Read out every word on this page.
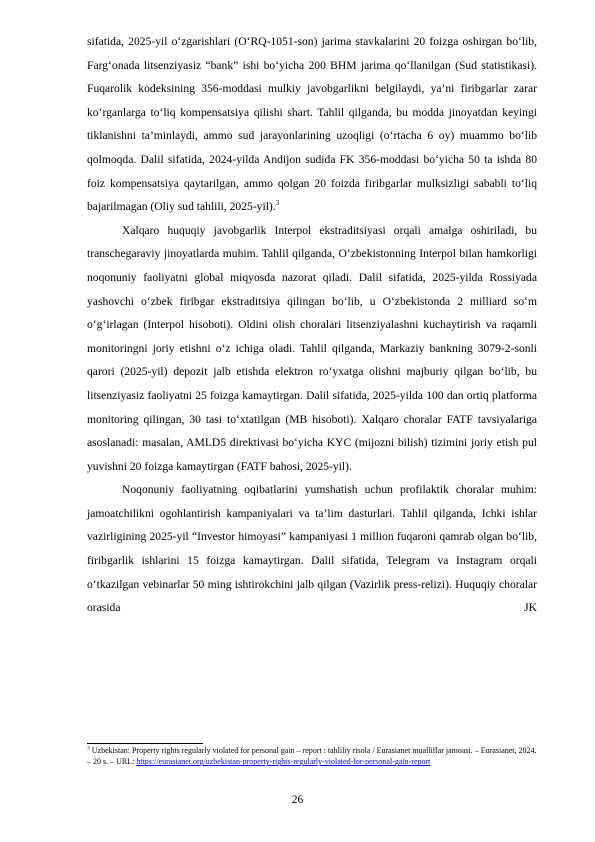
sifatida, 2025-yil o‘zgarishlari (O‘RQ-1051-son) jarima stavkalarini 20 foizga oshirgan bo‘lib, Farg‘onada litsenziyasiz “bank” ishi bo‘yicha 200 BHM jarima qo‘llanilgan (Sud statistikasi). Fuqarolik kodeksining 356-moddasi mulkiy javobgarlikni belgilaydi, ya’ni firibgarlar zarar ko‘rganlarga to‘liq kompensatsiya qilishi shart. Tahlil qilganda, bu modda jinoyatdan keyingi tiklanishni ta’minlaydi, ammo sud jarayonlarining uzoqligi (o‘rtacha 6 oy) muammo bo‘lib qolmoqda. Dalil sifatida, 2024-yilda Andijon sudida FK 356-moddasi bo‘yicha 50 ta ishda 80 foiz kompensatsiya qaytarilgan, ammo qolgan 20 foizda firibgarlar mulksizligi sababli to‘liq bajarilmagan (Oliy sud tahlili, 2025-yil).$^3$

Xalqaro huquqiy javobgarlik Interpol ekstraditsiyasi orqali amalga oshiriladi, bu transchegaraviy jinoyatlarda muhim. Tahlil qilganda, O‘zbekistonning Interpol bilan hamkorligi noqonuniy faoliyatni global miqyosda nazorat qiladi. Dalil sifatida, 2025-yilda Rossiyada yashovchi o‘zbek firibgar ekstraditsiya qilingan bo‘lib, u O‘zbekistonda 2 milliard so‘m o‘g‘irlagan (Interpol hisoboti). Oldini olish choralari litsenziyalashni kuchaytirish va raqamli monitoringni joriy etishni o‘z ichiga oladi. Tahlil qilganda, Markaziy bankning 3079-2-sonli qarori (2025-yil) depozit jalb etishda elektron ro‘yxatga olishni majburiy qilgan bo‘lib, bu litsenziyasiz faoliyatni 25 foizga kamaytirgan. Dalil sifatida, 2025-yilda 100 dan ortiq platforma monitoring qilingan, 30 tasi to‘xtatilgan (MB hisoboti). Xalqaro choralar FATF tavsiyalariga asoslanadi: masalan, AMLD5 direktivasi bo‘yicha KYC (mijozni bilish) tizimini joriy etish pul yuvishni 20 foizga kamaytirgan (FATF bahosi, 2025-yil).

Noqonuniy faoliyatning oqibatlarini yumshatish uchun profilaktik choralar muhim: jamoatchilikni ogohlantirish kampaniyalari va ta’lim dasturlari. Tahlil qilganda, Ichki ishlar vazirligining 2025-yil “Investor himoyasi” kampaniyasi 1 million fuqaroni qamrab olgan bo‘lib, firibgarlik ishlarini 15 foizga kamaytirgan. Dalil sifatida, Telegram va Instagram orqali o‘tkazilgan vebinarlar 50 ming ishtirokchini jalb qilgan (Vazirlik press-relizi). Huquqiy choralar orasida JK

$^3$ Uzbekistan: Property rights regularly violated for personal gain – report : tahliliy risola / Eurasianet mualliflar jamoasi. – Eurasianet, 2024. – 20 s. – URL: https://eurasianet.org/uzbekistan-property-rights-regularly-violated-for-personal-gain-report

26
